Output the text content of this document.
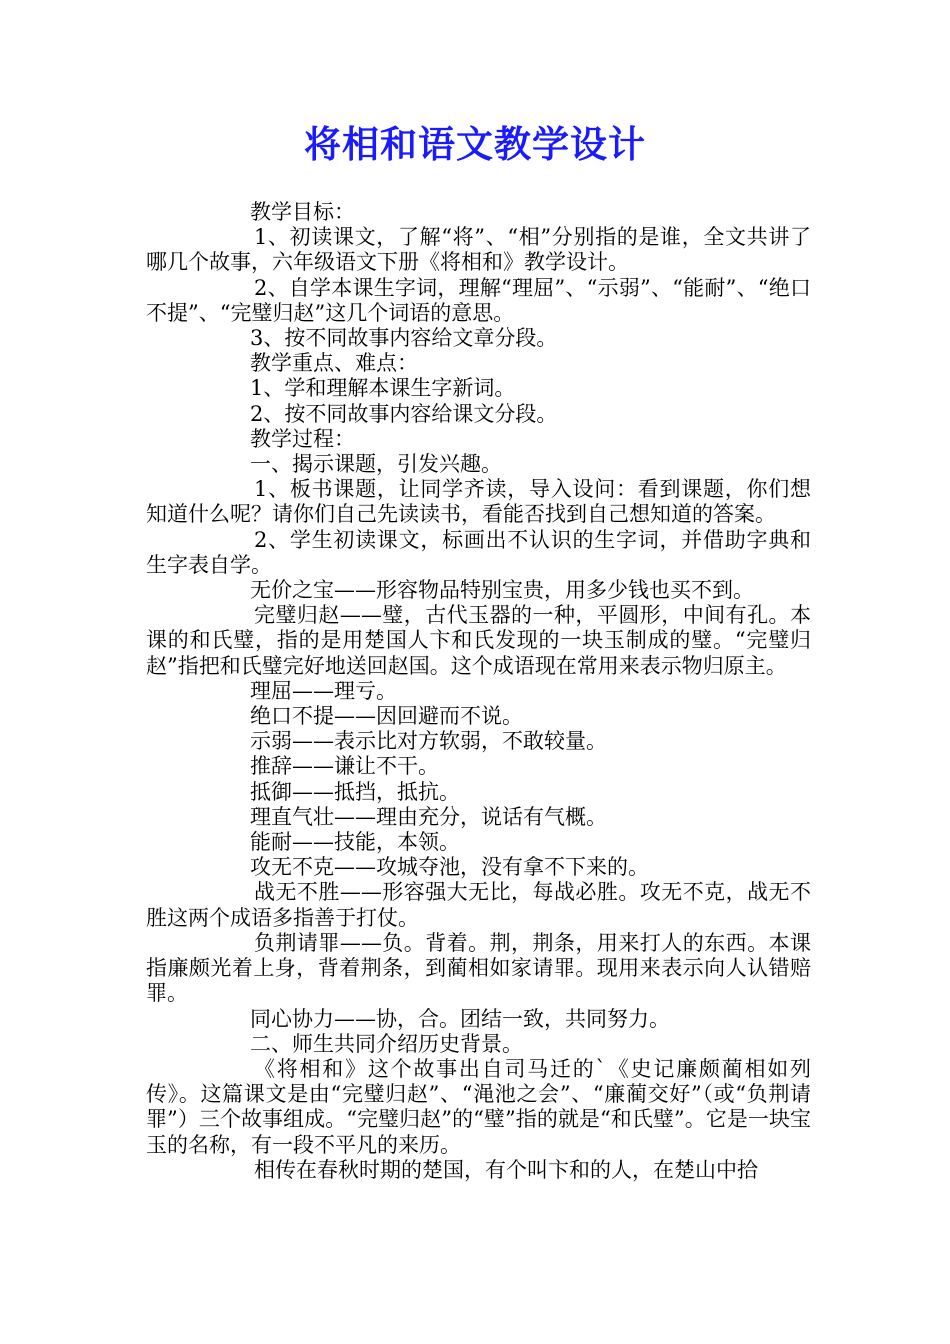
将相和语文教学设计

教学目标：

1、初读课文，了解“将”、“相”分别指的是谁，全文共讲了哪几个故事，六年级语文下册《将相和》教学设计。

2、自学本课生字词，理解“理屈”、“示弱”、“能耐”、“绝口不提”、“完璧归赵”这几个词语的意思。

3、按不同故事内容给文章分段。

教学重点、难点：

1、学和理解本课生字新词。

2、按不同故事内容给课文分段。

教学过程：

一、揭示课题，引发兴趣。

1、板书课题，让同学齐读，导入设问：看到课题，你们想知道什么呢？请你们自己先读读书，看能否找到自己想知道的答案。

2、学生初读课文，标画出不认识的生字词，并借助字典和生字表自学。

无价之宝——形容物品特别宝贵，用多少钱也买不到。

完璧归赵——璧，古代玉器的一种，平圆形，中间有孔。本课的和氏璧，指的是用楚国人卞和氏发现的一块玉制成的璧。“完璧归赵”指把和氏璧完好地送回赵国。这个成语现在常用来表示物归原主。

理屈——理亏。

绝口不提——因回避而不说。

示弱——表示比对方软弱，不敢较量。

推辞——谦让不干。

抵御——抵挡，抵抗。

理直气壮——理由充分，说话有气概。

能耐——技能，本领。

攻无不克——攻城夺池，没有拿不下来的。

战无不胜——形容强大无比，每战必胜。攻无不克，战无不胜这两个成语多指善于打仗。

负荆请罪——负。背着。荆，荆条，用来打人的东西。本课指廉颇光着上身，背着荆条，到蔺相如家请罪。现用来表示向人认错赔罪。

同心协力——协，合。团结一致，共同努力。

二、师生共同介绍历史背景。

《将相和》这个故事出自司马迁的`《史记廉颇蔺相如列传》。这篇课文是由“完璧归赵”、“渑池之会”、“廉蔺交好”（或“负荆请罪”）三个故事组成。“完璧归赵”的“璧”指的就是“和氏璧”。它是一块宝玉的名称，有一段不平凡的来历。

相传在春秋时期的楚国，有个叫卞和的人，在楚山中拾
